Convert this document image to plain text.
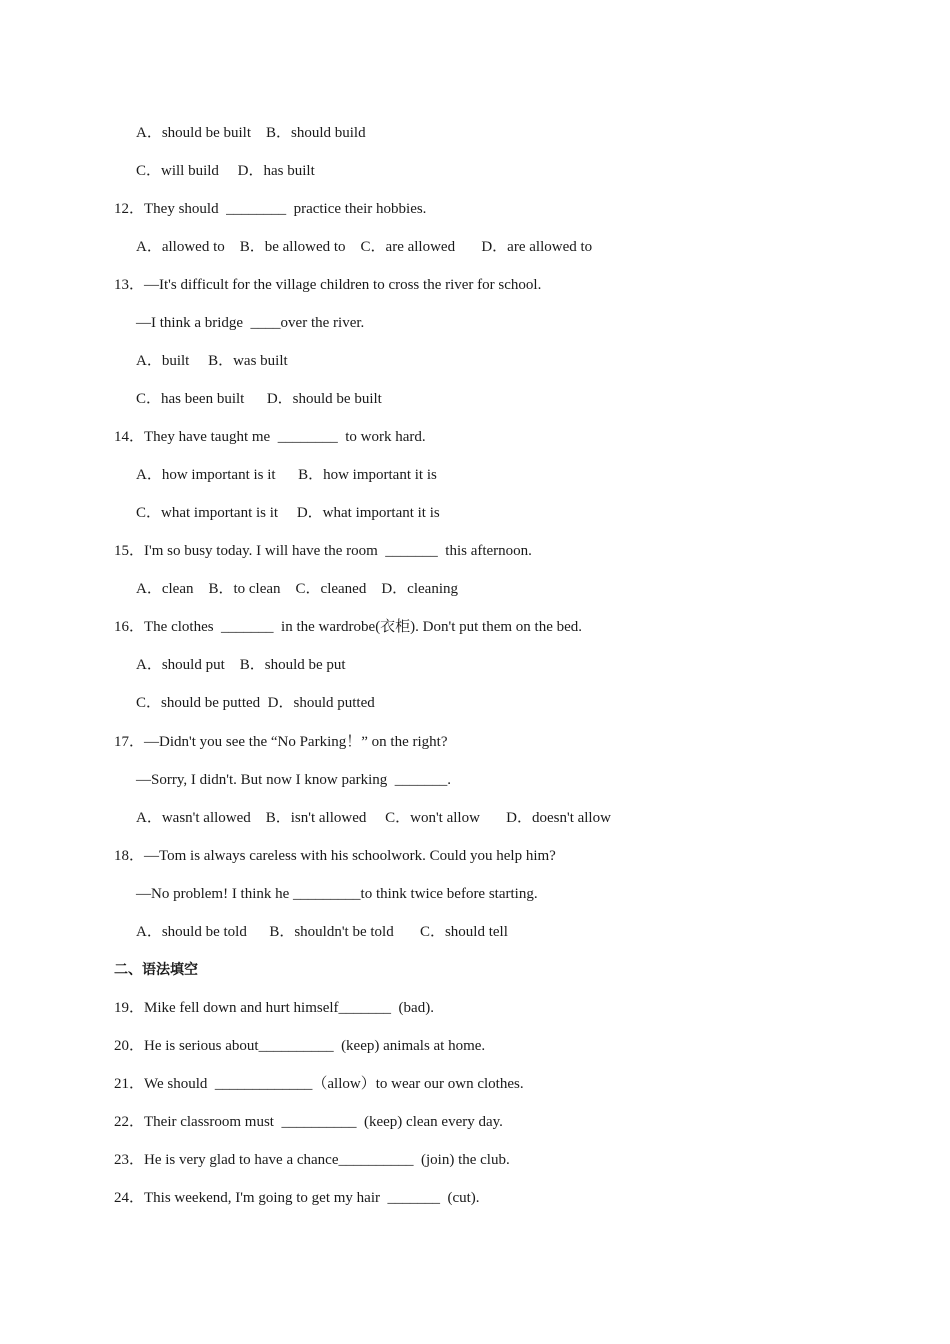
A．should be built    B．should build
C．will build     D．has built
12．They should  ________  practice their hobbies.
A．allowed to    B．be allowed to    C．are allowed       D．are allowed to
13．—It's difficult for the village children to cross the river for school.
—I think a bridge  ____over the river.
A．built     B．was built
C．has been built      D．should be built
14．They have taught me  ________  to work hard.
A．how important is it      B．how important it is
C．what important is it     D．what important it is
15．I'm so busy today. I will have the room  _______  this afternoon.
A．clean    B．to clean    C．cleaned    D．cleaning
16．The clothes  _______  in the wardrobe(衣柜). Don't put them on the bed.
A．should put    B．should be put
C．should be putted  D．should putted
17．—Didn't you see the “No Parking！” on the right?
—Sorry, I didn't. But now I know parking  _______.
A．wasn't allowed    B．isn't allowed     C．won't allow       D．doesn't allow
18．—Tom is always careless with his schoolwork. Could you help him?
—No problem! I think he _________to think twice before starting.
A．should be told      B．shouldn't be told       C．should tell
二、语法填空
19．Mike fell down and hurt himself_______  (bad).
20．He is serious about__________  (keep) animals at home.
21．We should  _____________（allow）to wear our own clothes.
22．Their classroom must  __________  (keep) clean every day.
23．He is very glad to have a chance__________  (join) the club.
24．This weekend, I'm going to get my hair  _______  (cut).
